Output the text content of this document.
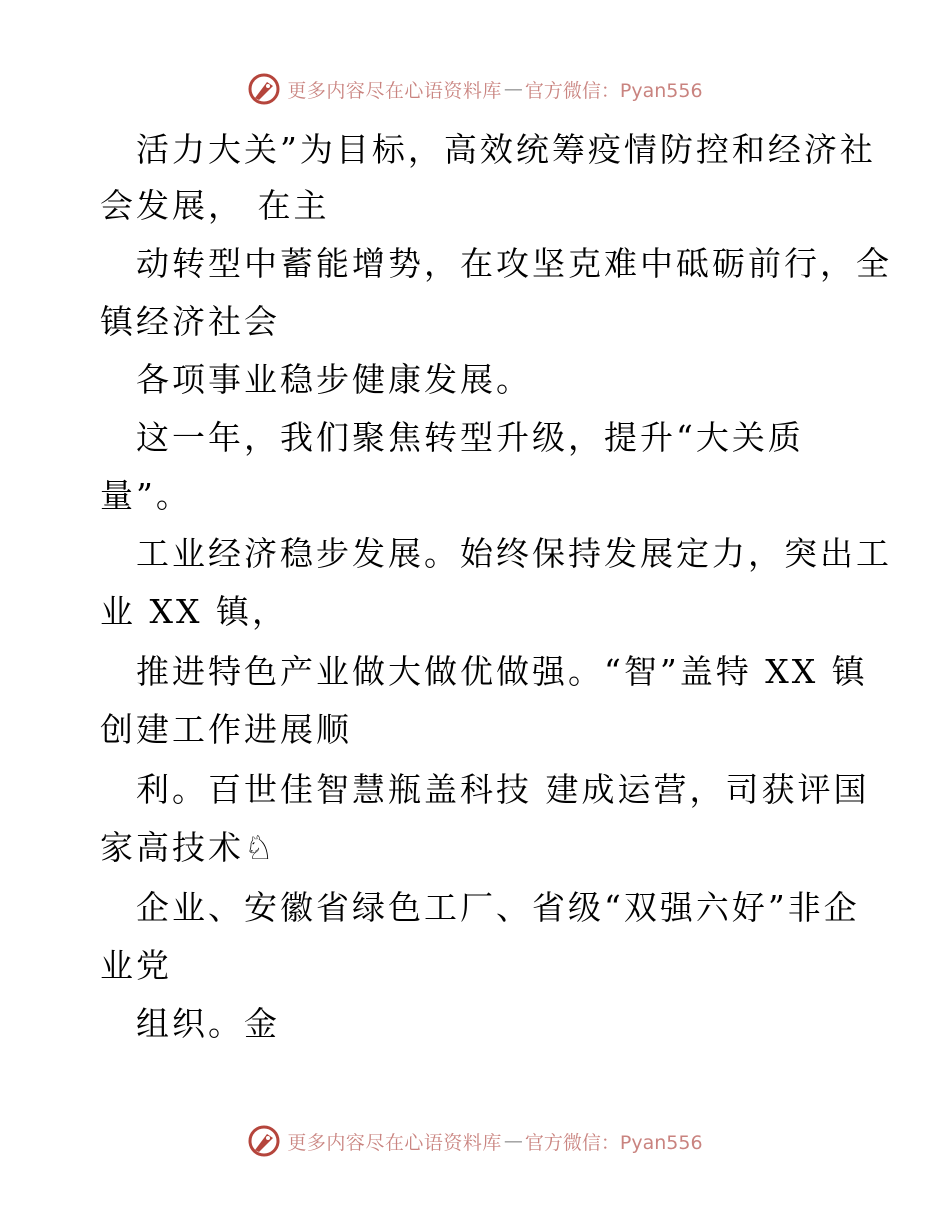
更多内容尽在心语资料库 — 官方微信：Pyan556
活力大关”为目标，高效统筹疫情防控和经济社
会发展， 在主
动转型中蓄能增势，在攻坚克难中砥砺前行，全
镇经济社会
各项事业稳步健康发展。
这一年，我们聚焦转型升级，提升“大关质
量”。
工业经济稳步发展。始终保持发展定力，突出工
业 XX 镇，
推进特色产业做大做优做强。“智”盖特 XX 镇
创建工作进展顺
利。百世佳智慧瓶盖科技 建成运营，司获评国
家高技术♘
企业、安徽省绿色工厂、省级“双强六好”非企
业党
组织。金
更多内容尽在心语资料库 — 官方微信：Pyan556
